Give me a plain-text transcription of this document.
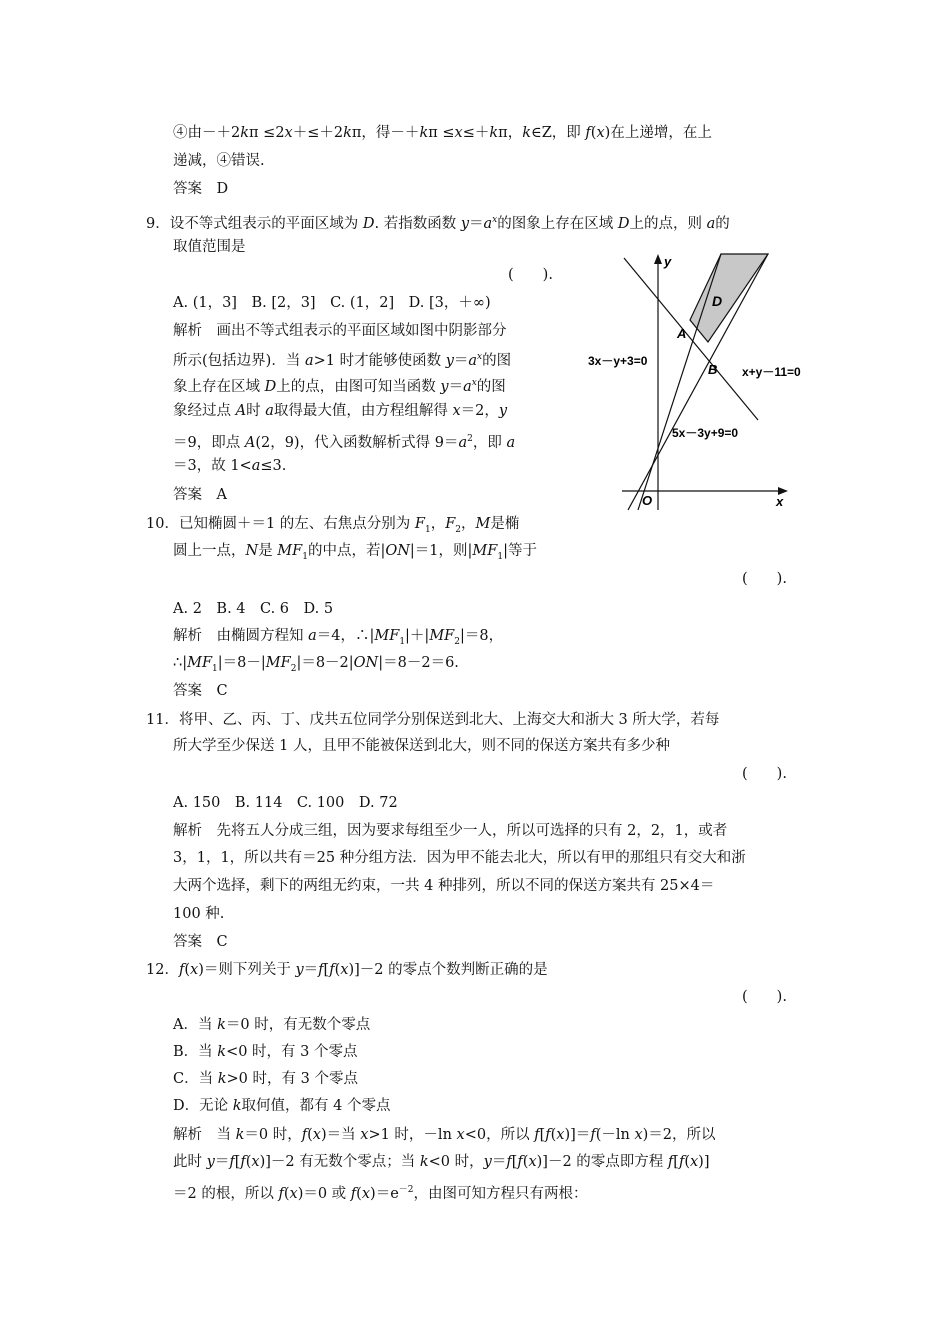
④由－＋2kπ ≤2x＋≤＋2kπ，得－＋kπ ≤x≤＋kπ，k∈Z，即 f(x)在上递增，在上
递减，④错误.
答案　D
9．设不等式组表示的平面区域为 D. 若指数函数 $y=a^x$的图象上存在区域 D上的点，则 a的
取值范围是
(　　).
A. (1，3]　B. [2，3]　C. (1，2]　D. [3，＋∞)
解析　画出不等式组表示的平面区域如图中阴影部分
所示(包括边界)．当 a>1 时才能够使函数 $y=a^x$的图
象上存在区域 D上的点，由图可知当函数 $y=a^x$的图
象经过点 A时 a取得最大值，由方程组解得 x＝2，y
＝9，即点 A(2，9)，代入函数解析式得 $9=a^2$，即 a
＝3，故 1<a≤3.
答案　A
y
x
O
D
A
B
3x－y+3=0
x+y－11=0
5x－3y+9=0
10．已知椭圆＋＝1 的左、右焦点分别为 $F_1$，$F_2$，M是椭
圆上一点，N是 $MF_1$的中点，若|ON|＝1，则$|MF_1|$等于
(　　).
A. 2　B. 4　C. 6　D. 5
解析　由椭圆方程知 a＝4，$\therefore|MF_1|+|MF_2|=8$，
$\therefore|MF_1|=8-|MF_2|=8-2|ON|=8-2=6$.
答案　C
11．将甲、乙、丙、丁、戊共五位同学分别保送到北大、上海交大和浙大 3 所大学，若每
所大学至少保送 1 人，且甲不能被保送到北大，则不同的保送方案共有多少种
(　　).
A. 150　B. 114　C. 100　D. 72
解析　先将五人分成三组，因为要求每组至少一人，所以可选择的只有 2，2，1，或者
3，1，1，所以共有＝25 种分组方法．因为甲不能去北大，所以有甲的那组只有交大和浙
大两个选择，剩下的两组无约束，一共 4 种排列，所以不同的保送方案共有 25×4＝
100 种.
答案　C
12．f(x)＝则下列关于 y＝f[f(x)]－2 的零点个数判断正确的是
(　　).
A．当 k＝0 时，有无数个零点
B．当 k<0 时，有 3 个零点
C．当 k>0 时，有 3 个零点
D．无论 k取何值，都有 4 个零点
解析　当 k＝0 时，f(x)＝当 x>1 时，－ln x<0，所以 f[f(x)]＝f(－ln x)＝2，所以
此时 y＝f[f(x)]－2 有无数个零点；当 k<0 时，y＝f[f(x)]－2 的零点即方程 f[f(x)]
＝2 的根，所以 f(x)＝0 或 $f(x)=e^{-2}$，由图可知方程只有两根：
